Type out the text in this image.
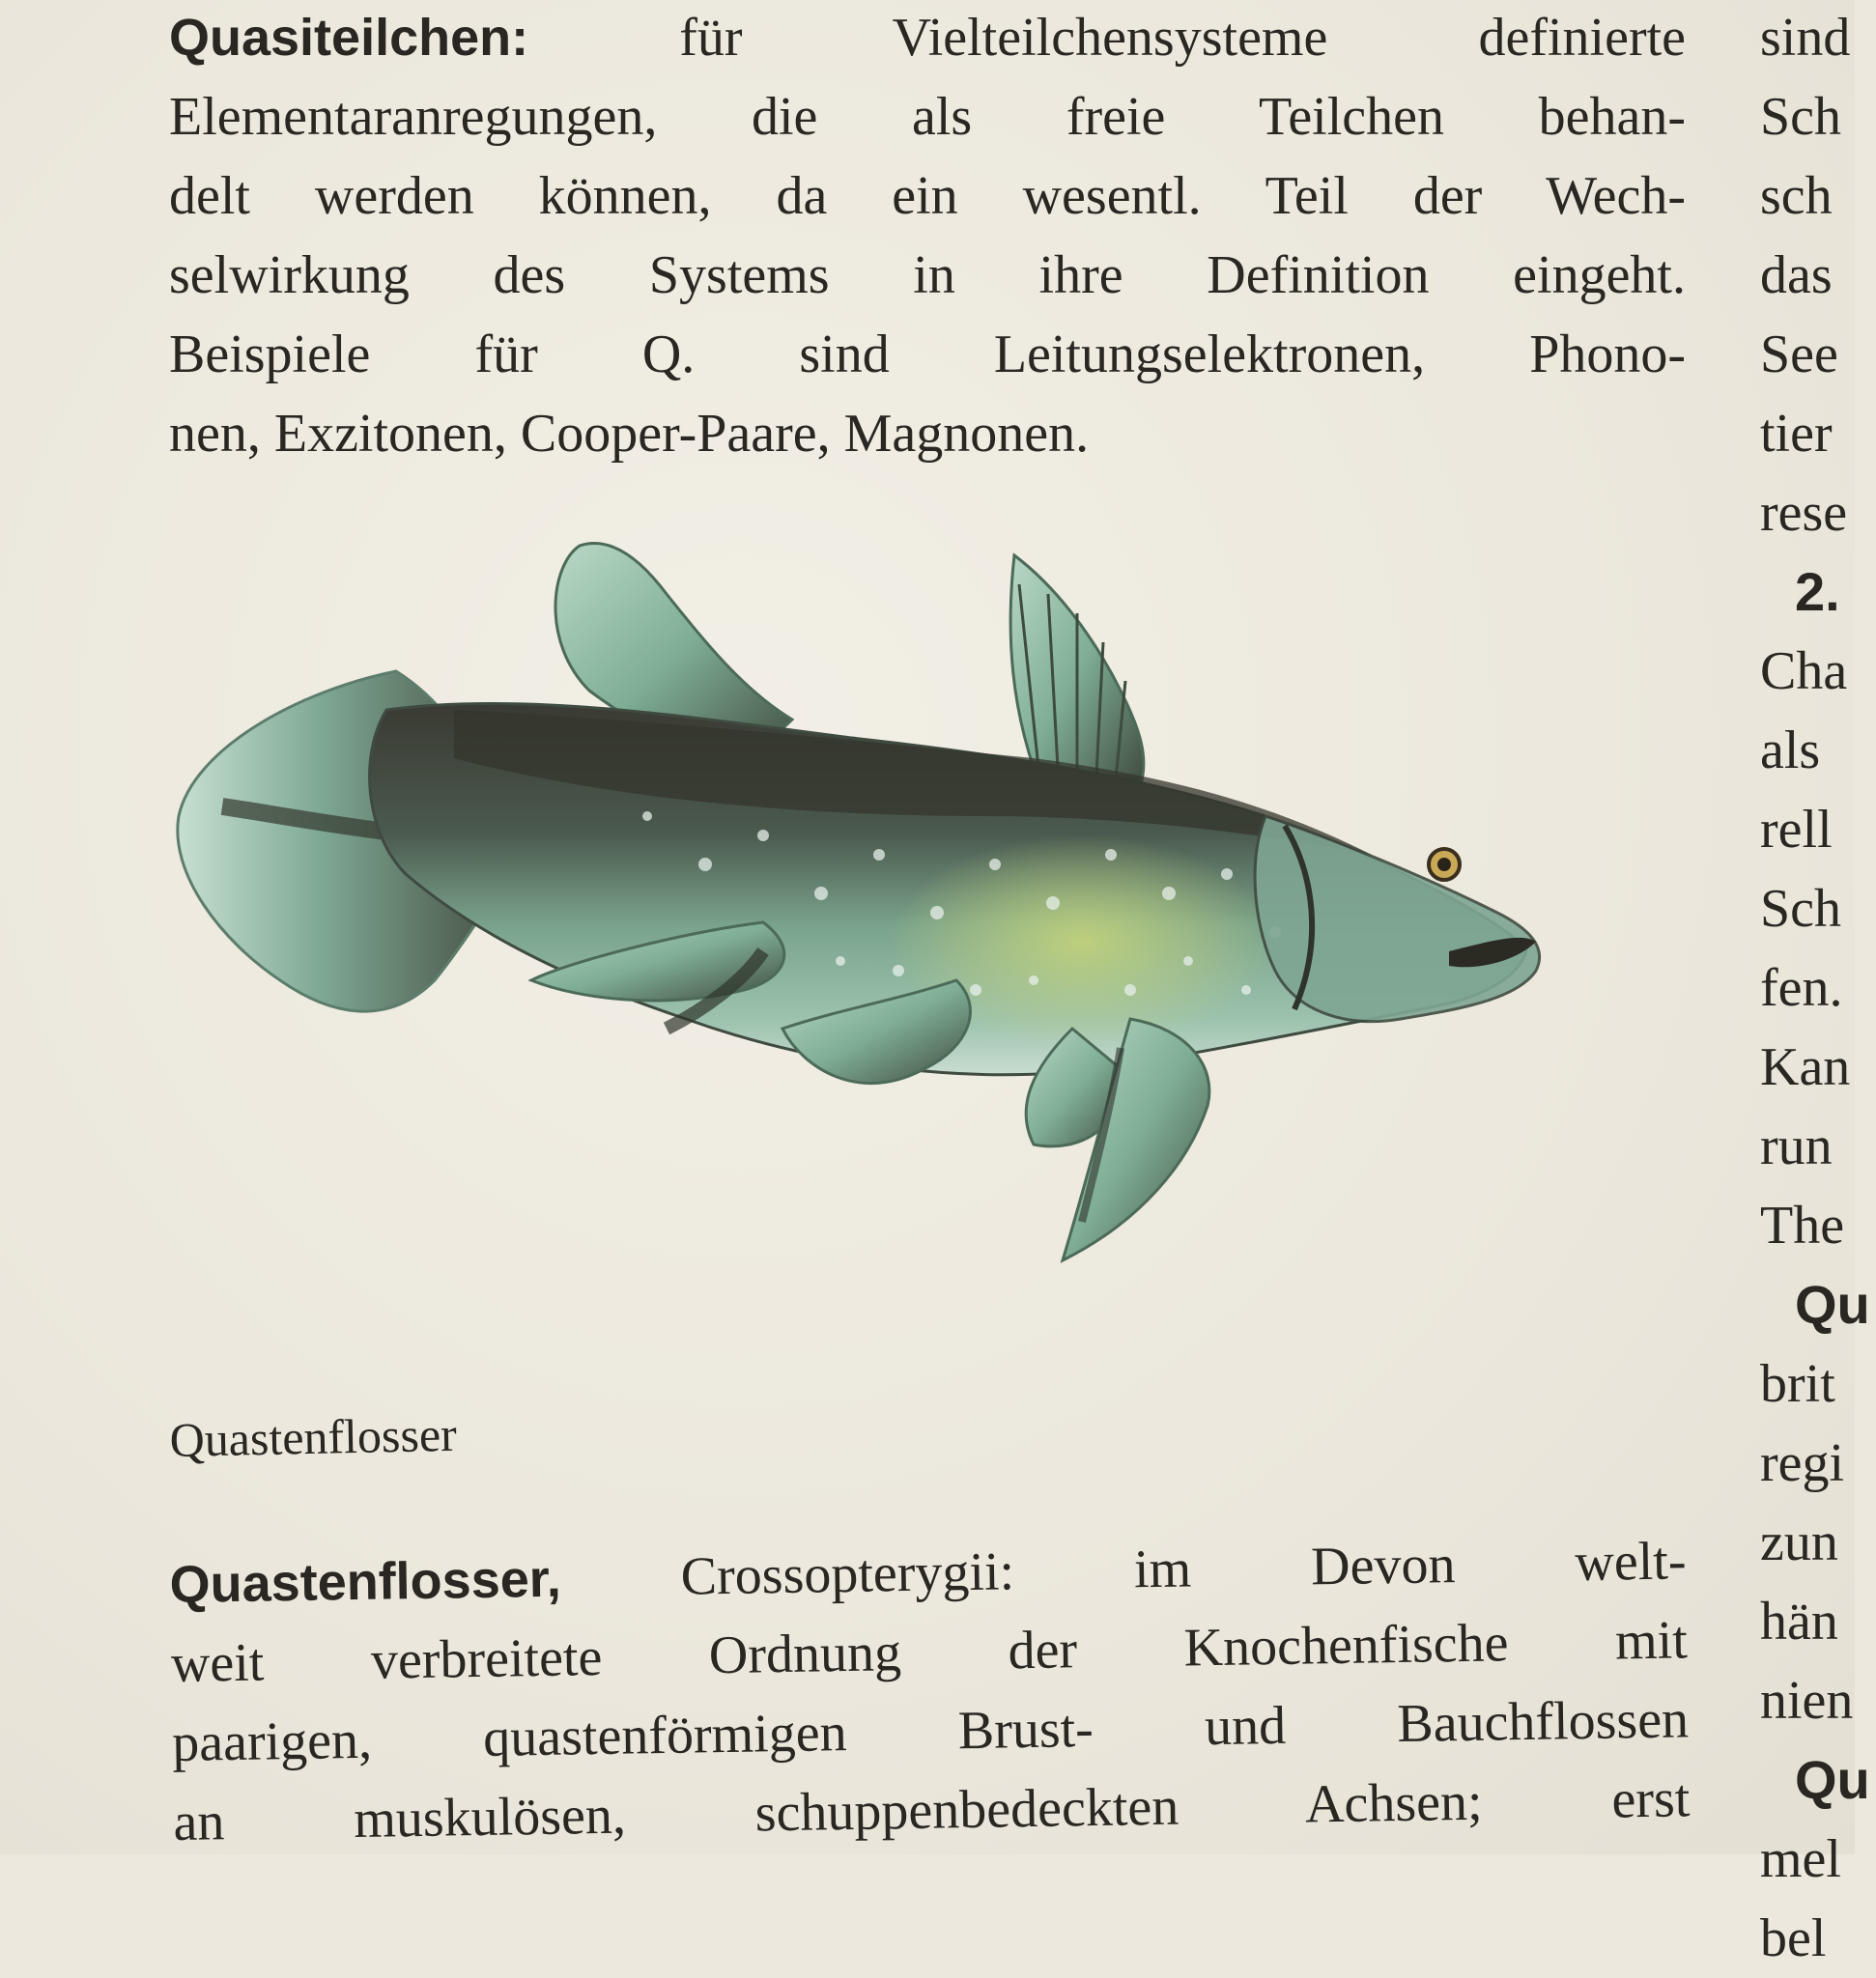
Quasiteilchen: für Vielteilchensysteme definierte
Elementaranregungen, die als freie Teilchen behan-
delt werden können, da ein wesentl. Teil der Wech-
selwirkung des Systems in ihre Definition eingeht.
Beispiele für Q. sind Leitungselektronen, Phono-
nen, Exzitonen, Cooper-Paare, Magnonen.
Quastenflosser
Quastenflosser, Crossopterygii: im Devon welt-
weit verbreitete Ordnung der Knochenfische mit
paarigen, quastenförmigen Brust- und Bauchflossen
an muskulösen, schuppenbedeckten Achsen; erst
sind
Sch
sch
das
See
tier
rese
2.
Cha
als
rell
Sch
fen.
Kan
run
The
Qu
brit
regi
zun
hän
nien
Qu
mel
bel
